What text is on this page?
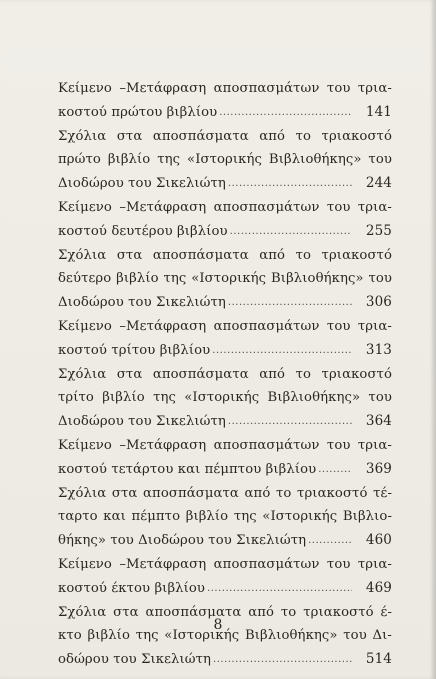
Κείμενο –Μετάφραση αποσπασμάτων του τρια-
κοστού πρώτου βιβλίου .....	141
Σχόλια στα αποσπάσματα από το τριακοστό
πρώτο βιβλίο της «Ιστορικής Βιβλιοθήκης» του
Διοδώρου του Σικελιώτη .....	244
Κείμενο –Μετάφραση αποσπασμάτων του τρια-
κοστού δευτέρου βιβλίου .....	255
Σχόλια στα αποσπάσματα από το τριακοστό
δεύτερο βιβλίο της «Ιστορικής Βιβλιοθήκης» του
Διοδώρου του Σικελιώτη .....	306
Κείμενο –Μετάφραση αποσπασμάτων του τρια-
κοστού τρίτου βιβλίου .....	313
Σχόλια στα αποσπάσματα από το τριακοστό
τρίτο βιβλίο της «Ιστορικής Βιβλιοθήκης» του
Διοδώρου του Σικελιώτη .....	364
Κείμενο –Μετάφραση αποσπασμάτων του τρια-
κοστού τετάρτου και πέμπτου βιβλίου .....	369
Σχόλια στα αποσπάσματα από το τριακοστό τέ-
ταρτο και πέμπτο βιβλίο της «Ιστορικής Βιβλιο-
θήκης» του Διοδώρου του Σικελιώτη .....	460
Κείμενο –Μετάφραση αποσπασμάτων του τρια-
κοστού έκτου βιβλίου .....	469
Σχόλια στα αποσπάσματα από το τριακοστό έ-
κτο βιβλίο της «Ιστορικής Βιβλιοθήκης» του Δι-
οδώρου του Σικελιώτη .....	514
8
